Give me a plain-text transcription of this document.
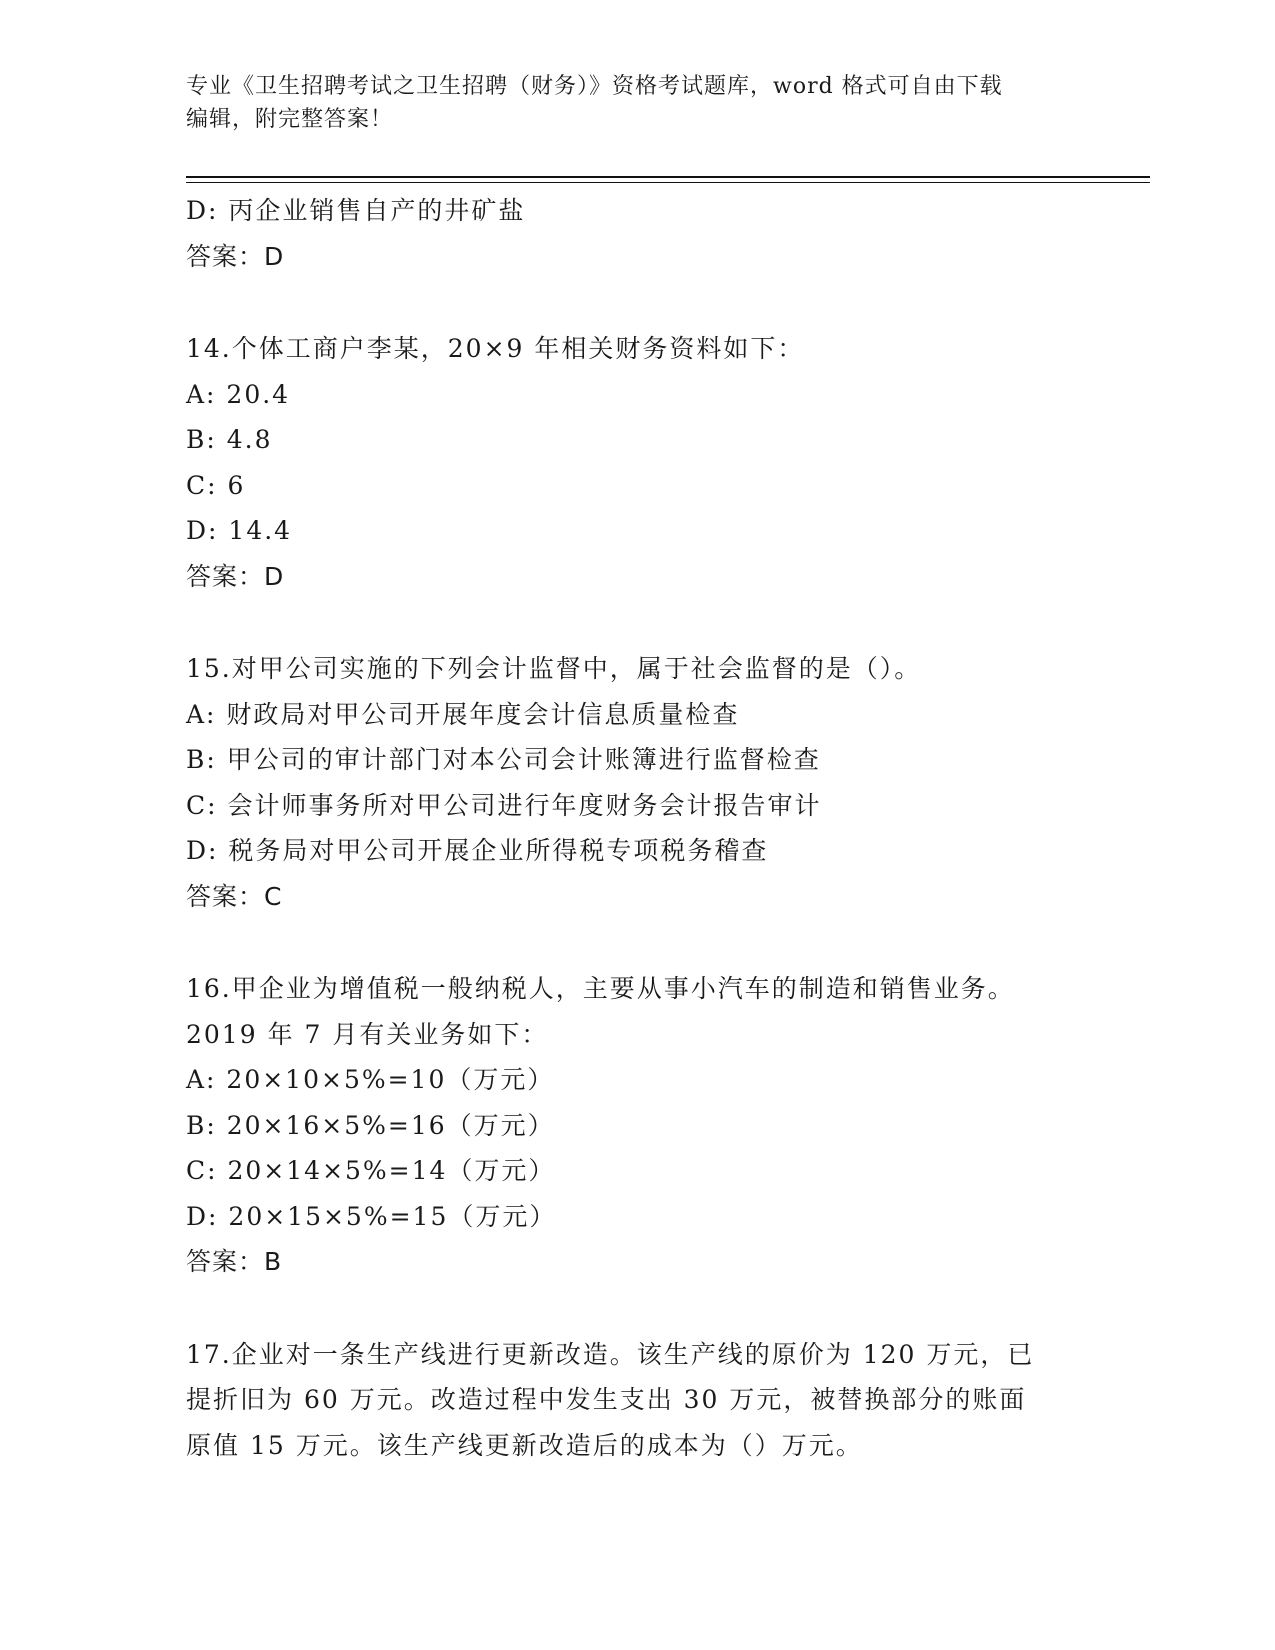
专业《卫生招聘考试之卫生招聘（财务）》资格考试题库，word 格式可自由下载
编辑，附完整答案！
D: 丙企业销售自产的井矿盐
答案：D
14.个体工商户李某，20×9 年相关财务资料如下：
A: 20.4
B: 4.8
C: 6
D: 14.4
答案：D
15.对甲公司实施的下列会计监督中，属于社会监督的是（）。
A: 财政局对甲公司开展年度会计信息质量检查
B: 甲公司的审计部门对本公司会计账簿进行监督检查
C: 会计师事务所对甲公司进行年度财务会计报告审计
D: 税务局对甲公司开展企业所得税专项税务稽查
答案：C
16.甲企业为增值税一般纳税人，主要从事小汽车的制造和销售业务。
2019 年 7 月有关业务如下：
A: 20×10×5%=10（万元）
B: 20×16×5%=16（万元）
C: 20×14×5%=14（万元）
D: 20×15×5%=15（万元）
答案：B
17.企业对一条生产线进行更新改造。该生产线的原价为 120 万元，已
提折旧为 60 万元。改造过程中发生支出 30 万元，被替换部分的账面
原值 15 万元。该生产线更新改造后的成本为（）万元。
